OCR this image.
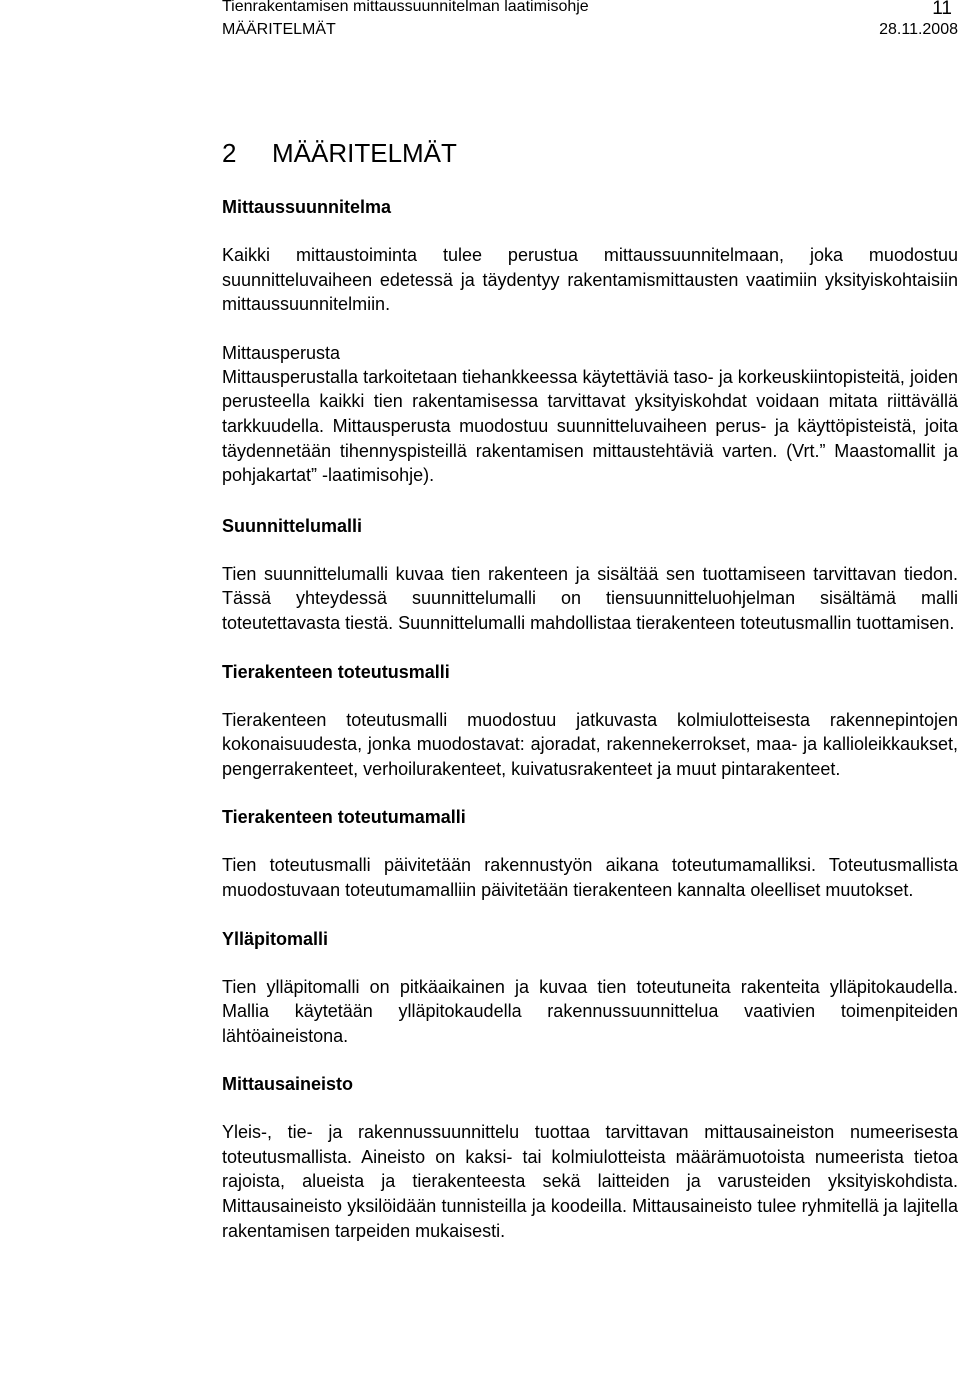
Tienrakentamisen mittaussuunnitelman laatimisohje	11
MÄÄRITELMÄT	28.11.2008
2 MÄÄRITELMÄT
Mittaussuunnitelma

Kaikki mittaustoiminta tulee perustua mittaussuunnitelmaan, joka muodostuu suunnitteluvaiheen edetessä ja täydentyy rakentamismittausten vaatimiin yksityiskohtaisiin mittaussuunnitelmiin.

Mittausperusta

Mittausperustalla tarkoitetaan tiehankkeessa käytettäviä taso- ja korkeuskiintopisteitä, joiden perusteella kaikki tien rakentamisessa tarvittavat yksityiskohdat voidaan mitata riittävällä tarkkuudella. Mittausperusta muodostuu suunnitteluvaiheen perus- ja käyttöpisteistä, joita täydennetään tihennyspisteillä rakentamisen mittaustehtäviä varten. (Vrt.” Maastomallit ja pohjakartat” -laatimisohje).

Suunnittelumalli

Tien suunnittelumalli kuvaa tien rakenteen ja sisältää sen tuottamiseen tarvittavan tiedon. Tässä yhteydessä suunnittelumalli on tiensuunnitteluohjelman sisältämä malli toteutettavasta tiestä. Suunnittelumalli mahdollistaa tierakenteen toteutusmallin tuottamisen.

Tierakenteen toteutusmalli

Tierakenteen toteutusmalli muodostuu jatkuvasta kolmiulotteisesta rakennepintojen kokonaisuudesta, jonka muodostavat: ajoradat, rakennekerrokset, maa- ja kallioleikkaukset, pengerrakenteet, verhoilurakenteet, kuivatusrakenteet ja muut pintarakenteet.

Tierakenteen toteutumamalli

Tien toteutusmalli päivitetään rakennustyön aikana toteutumamalliksi. Toteutusmallista muodostuvaan toteutumamalliin päivitetään tierakenteen kannalta oleelliset muutokset.

Ylläpitomalli

Tien ylläpitomalli on pitkäaikainen ja kuvaa tien toteutuneita rakenteita ylläpitokaudella. Mallia käytetään ylläpitokaudella rakennussuunnittelua vaativien toimenpiteiden lähtöaineistona.

Mittausaineisto

Yleis-, tie- ja rakennussuunnittelu tuottaa tarvittavan mittausaineiston numeerisesta toteutusmallista. Aineisto on kaksi- tai kolmiulotteista määrämuotoista numeerista tietoa rajoista, alueista ja tierakenteesta sekä laitteiden ja varusteiden yksityiskohdista. Mittausaineisto yksilöidään tunnisteilla ja koodeilla. Mittausaineisto tulee ryhmitellä ja lajitella rakentamisen tarpeiden mukaisesti.
